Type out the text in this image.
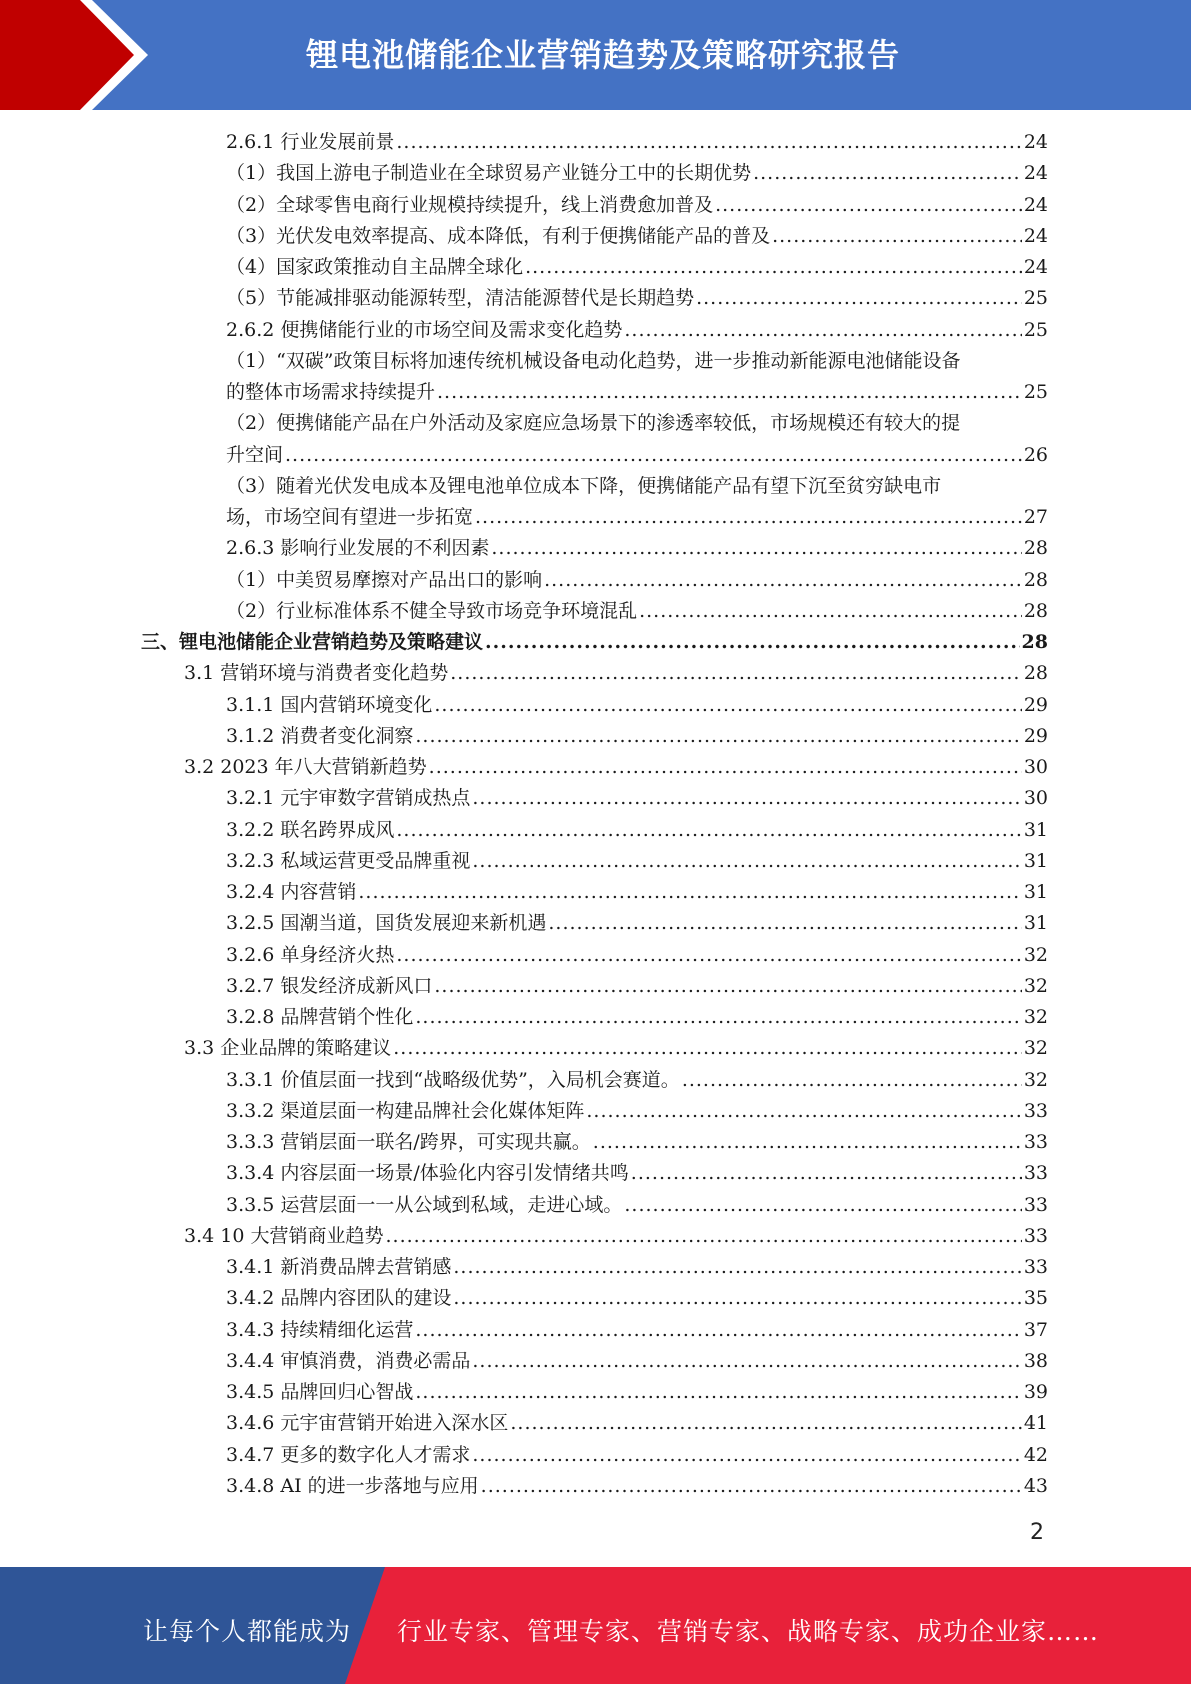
锂电池储能企业营销趋势及策略研究报告
2.6.1 行业发展前景 .....	24
（1）我国上游电子制造业在全球贸易产业链分工中的长期优势 .....	24
（2）全球零售电商行业规模持续提升，线上消费愈加普及 .....	24
（3）光伏发电效率提高、成本降低，有利于便携储能产品的普及 .....	24
（4）国家政策推动自主品牌全球化 .....	24
（5）节能减排驱动能源转型，清洁能源替代是长期趋势 .....	25
2.6.2 便携储能行业的市场空间及需求变化趋势 .....	25
（1）“双碳”政策目标将加速传统机械设备电动化趋势，进一步推动新能源电池储能设备
的整体市场需求持续提升 .....	25
（2）便携储能产品在户外活动及家庭应急场景下的渗透率较低，市场规模还有较大的提
升空间 .....	26
（3）随着光伏发电成本及锂电池单位成本下降，便携储能产品有望下沉至贫穷缺电市
场，市场空间有望进一步拓宽 .....	27
2.6.3 影响行业发展的不利因素 .....	28
（1）中美贸易摩擦对产品出口的影响 .....	28
（2）行业标准体系不健全导致市场竞争环境混乱 .....	28
三、锂电池储能企业营销趋势及策略建议 .....	28
3.1 营销环境与消费者变化趋势 .....	28
3.1.1 国内营销环境变化 .....	29
3.1.2 消费者变化洞察 .....	29
3.2 2023 年八大营销新趋势 .....	30
3.2.1 元宇审数字营销成热点 .....	30
3.2.2 联名跨界成风 .....	31
3.2.3 私域运营更受品牌重视 .....	31
3.2.4 内容营销 .....	31
3.2.5 国潮当道，国货发展迎来新机遇 .....	31
3.2.6 单身经济火热 .....	32
3.2.7 银发经济成新风口 .....	32
3.2.8 品牌营销个性化 .....	32
3.3 企业品牌的策略建议 .....	32
3.3.1 价值层面一找到“战略级优势”，入局机会赛道。 .....	32
3.3.2 渠道层面一构建品牌社会化媒体矩阵 .....	33
3.3.3 营销层面一联名/跨界，可实现共赢。 .....	33
3.3.4 内容层面一场景/体验化内容引发情绪共鸣 .....	33
3.3.5 运营层面一一从公域到私域，走进心域。 .....	33
3.4 10 大营销商业趋势 .....	33
3.4.1 新消费品牌去营销感 .....	33
3.4.2 品牌内容团队的建设 .....	35
3.4.3 持续精细化运营 .....	37
3.4.4 审慎消费，消费必需品 .....	38
3.4.5 品牌回归心智战 .....	39
3.4.6 元宇宙营销开始进入深水区 .....	41
3.4.7 更多的数字化人才需求 .....	42
3.4.8 AI 的进一步落地与应用 .....	43
2
让每个人都能成为 行业专家、管理专家、营销专家、战略专家、成功企业家……
